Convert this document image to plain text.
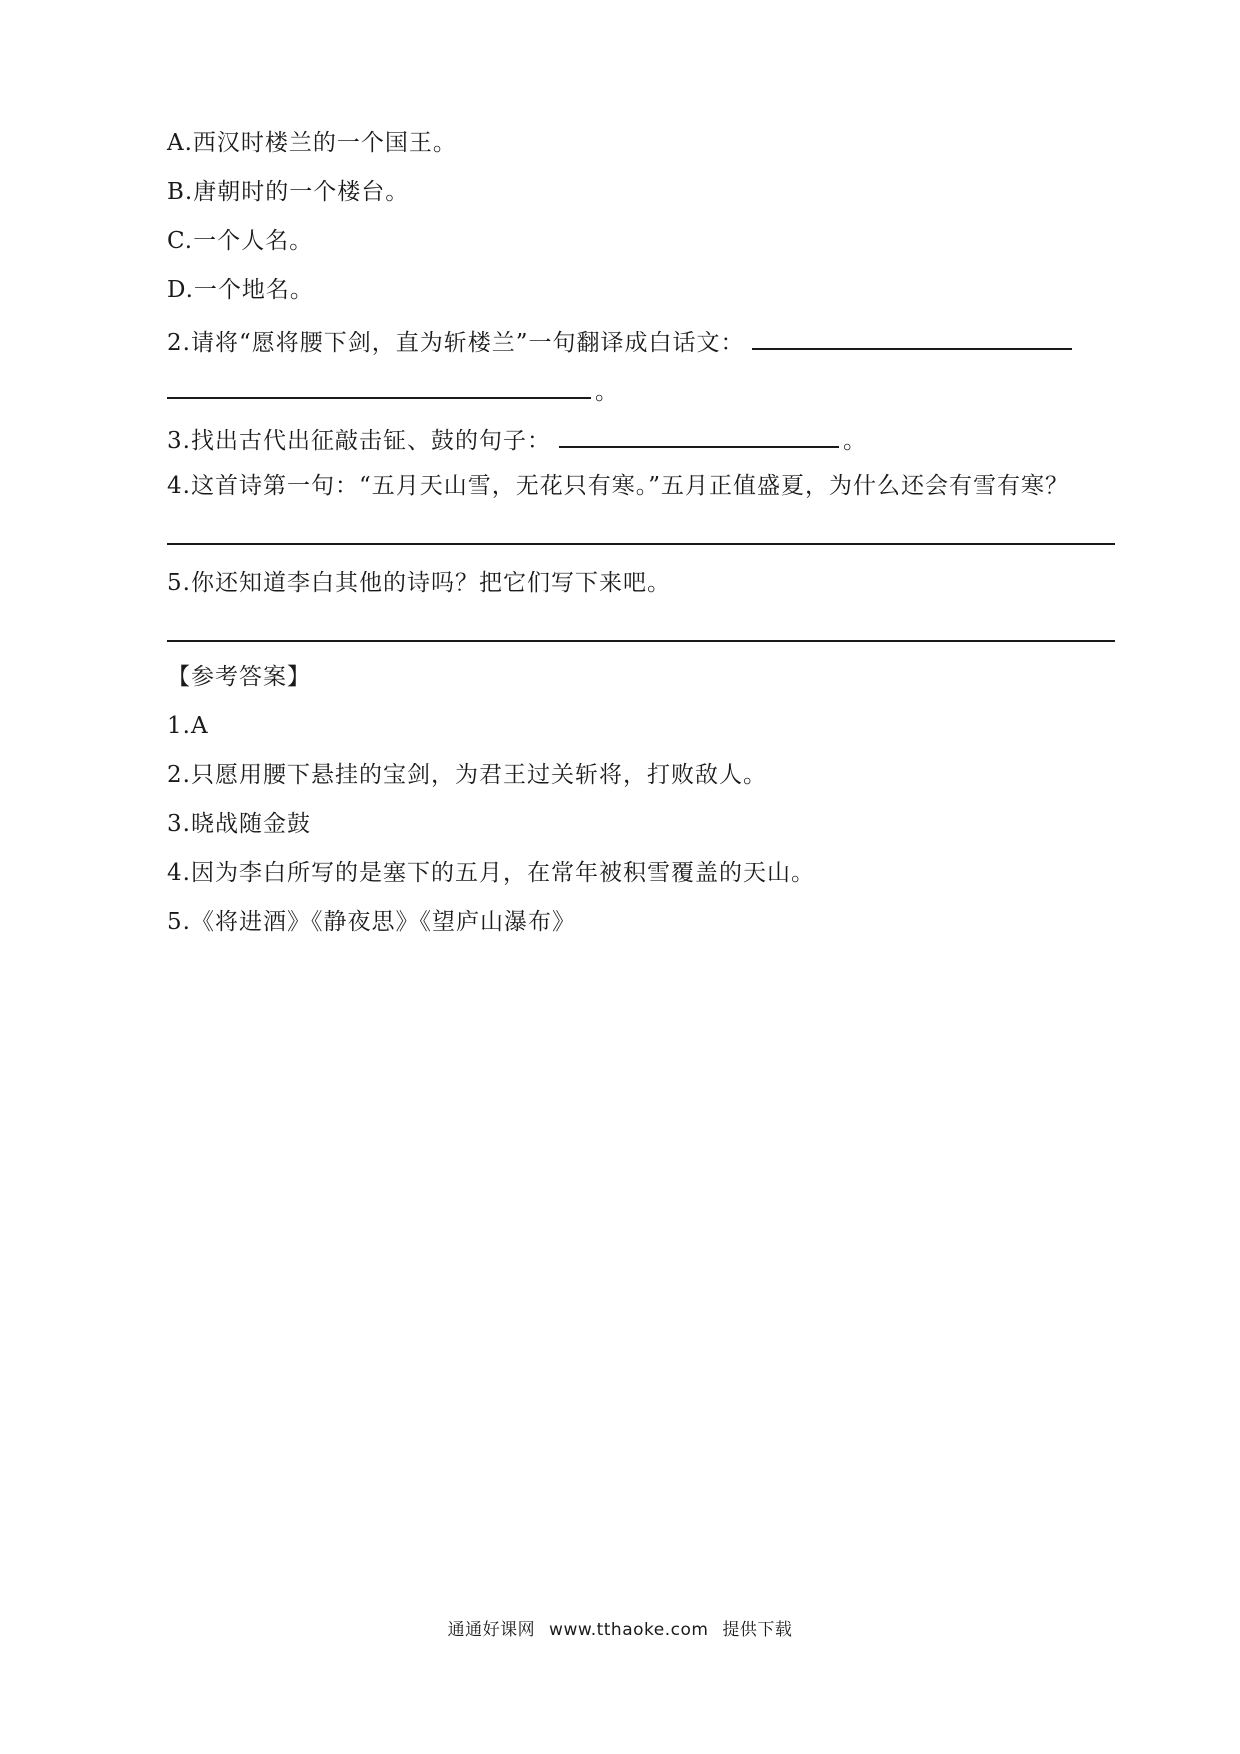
A.西汉时楼兰的一个国王。
B.唐朝时的一个楼台。
C.一个人名。
D.一个地名。
2.请将“愿将腰下剑，直为斩楼兰”一句翻译成白话文：
。
3.找出古代出征敲击钲、鼓的句子：	。
4.这首诗第一句：“五月天山雪，无花只有寒。”五月正值盛夏，为什么还会有雪有寒？
5.你还知道李白其他的诗吗？把它们写下来吧。
【参考答案】
1.A
2.只愿用腰下悬挂的宝剑，为君王过关斩将，打败敌人。
3.晓战随金鼓
4.因为李白所写的是塞下的五月，在常年被积雪覆盖的天山。
5.《将进酒》《静夜思》《望庐山瀑布》
通通好课网 www.tthaoke.com 提供下载
